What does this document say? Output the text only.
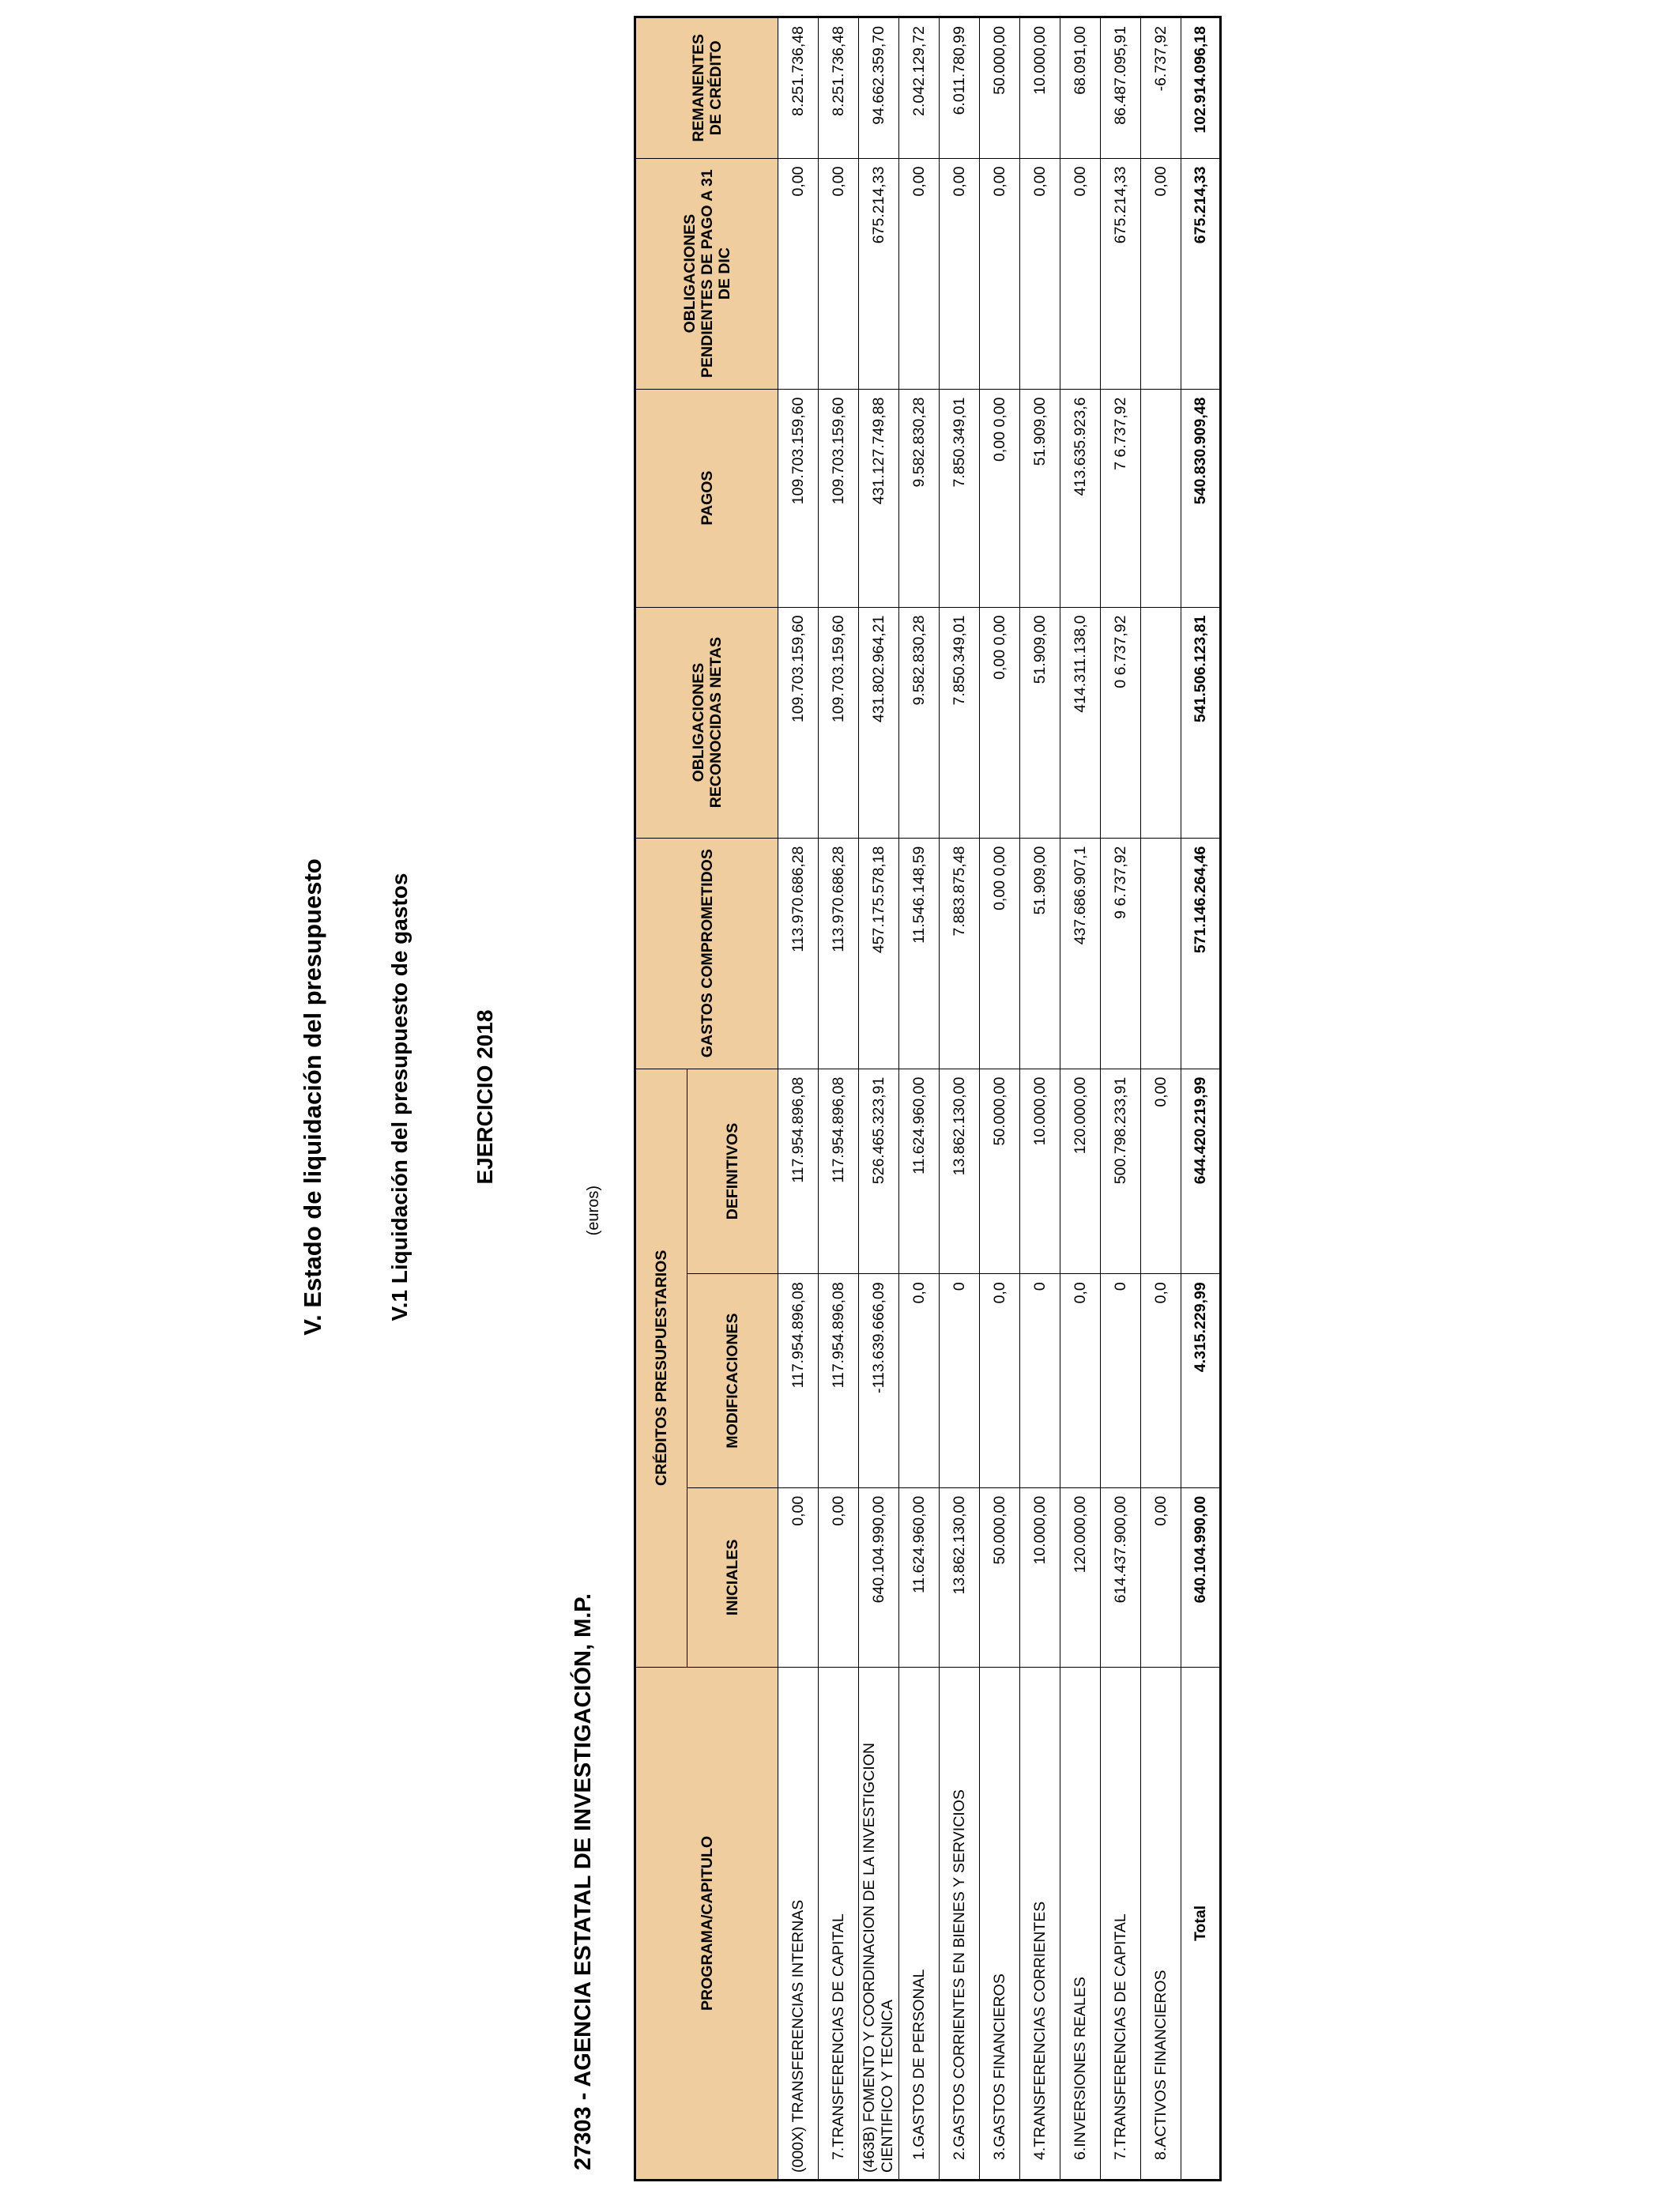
V. Estado de liquidación del presupuesto	V.1 Liquidación del presupuesto de gastos	EJERCICIO 2018
27303 - AGENCIA ESTATAL DE INVESTIGACIÓN, M.P.
(euros)
PROGRAMA/CAPITULO	CRÉDITOS PRESUPUESTARIOS			GASTOS COMPROMETIDOS	OBLIGACIONES RECONOCIDAS NETAS	PAGOS	OBLIGACIONES PENDIENTES DE PAGO A 31 DE DIC	REMANENTES DE CRÉDITO
	INICIALES	MODIFICACIONES	DEFINITIVOS					
(000X) TRANSFERENCIAS INTERNAS	0,00	117.954.896,08	117.954.896,08	113.970.686,28	109.703.159,60	109.703.159,60	0,00	8.251.736,48
7.TRANSFERENCIAS DE CAPITAL	0,00	117.954.896,08	117.954.896,08	113.970.686,28	109.703.159,60	109.703.159,60	0,00	8.251.736,48
(463B) FOMENTO Y COORDINACION DE LA INVESTIGCION CIENTIFICO Y TECNICA	640.104.990,00	-113.639.666,09	526.465.323,91	457.175.578,18	431.802.964,21	431.127.749,88	675.214,33	94.662.359,70
1.GASTOS DE PERSONAL	11.624.960,00	0,0	11.624.960,00	11.546.148,59	9.582.830,28	9.582.830,28	0,00	2.042.129,72
2.GASTOS CORRIENTES EN BIENES Y SERVICIOS	13.862.130,00	0	13.862.130,00	7.883.875,48	7.850.349,01	7.850.349,01	0,00	6.011.780,99
3.GASTOS FINANCIEROS	50.000,00	0,0	50.000,00	0,00 0,00	0,00 0,00	0,00 0,00	0,00	50.000,00
4.TRANSFERENCIAS CORRIENTES	10.000,00	0	10.000,00	51.909,00	51.909,00	51.909,00	0,00	10.000,00
6.INVERSIONES REALES	120.000,00	0,0	120.000,00	437.686.907,1	414.311.138,0	413.635.923,6	0,00	68.091,00
7.TRANSFERENCIAS DE CAPITAL	614.437.900,00	0	500.798.233,91	9 6.737,92	0 6.737,92	7 6.737,92	675.214,33	86.487.095,91
8.ACTIVOS FINANCIEROS	0,00	0,0	0,00				0,00	-6.737,92
Total	640.104.990,00	4.315.229,99	644.420.219,99	571.146.264,46	541.506.123,81	540.830.909,48	675.214,33	102.914.096,18
